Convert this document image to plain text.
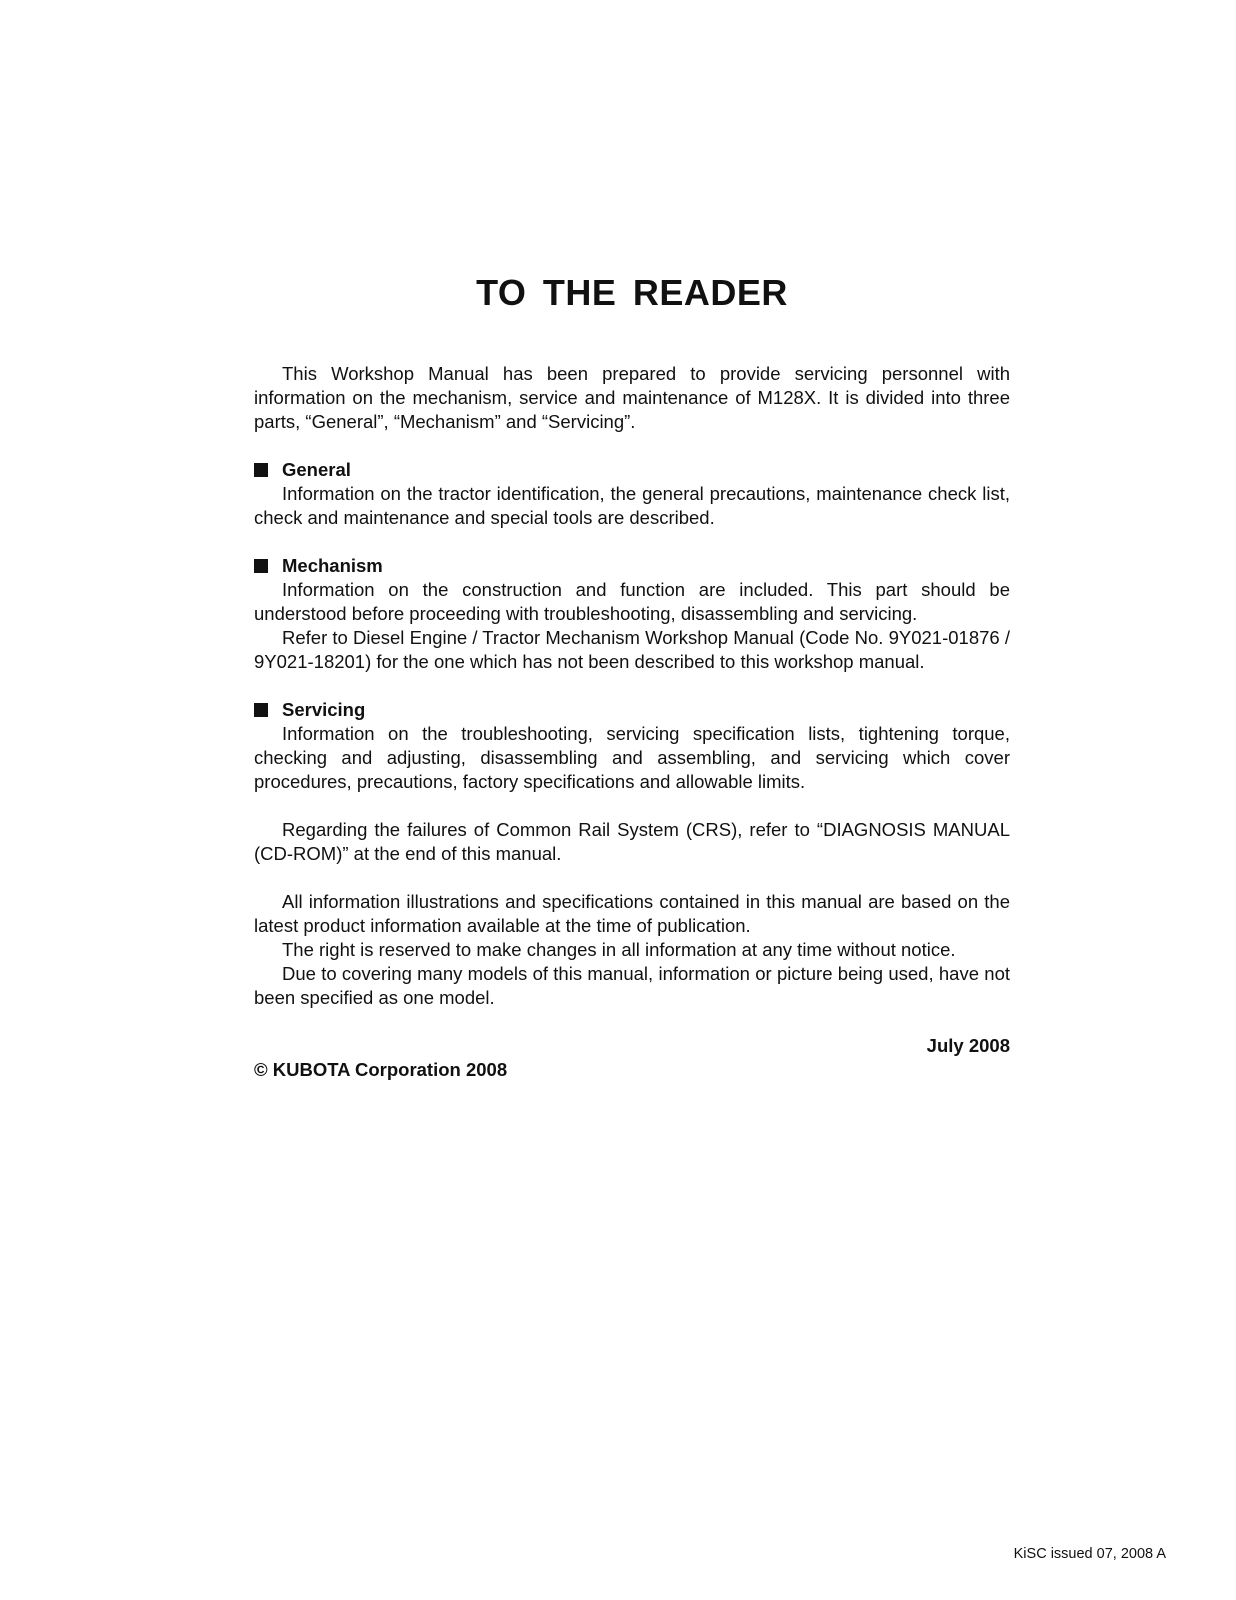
TO THE READER

This Workshop Manual has been prepared to provide servicing personnel with information on the mechanism, service and maintenance of M128X. It is divided into three parts, “General”, “Mechanism” and “Servicing”.

General

Information on the tractor identification, the general precautions, maintenance check list, check and maintenance and special tools are described.

Mechanism

Information on the construction and function are included. This part should be understood before proceeding with troubleshooting, disassembling and servicing.

Refer to Diesel Engine / Tractor Mechanism Workshop Manual (Code No. 9Y021-01876 / 9Y021-18201) for the one which has not been described to this workshop manual.

Servicing

Information on the troubleshooting, servicing specification lists, tightening torque, checking and adjusting, disassembling and assembling, and servicing which cover procedures, precautions, factory specifications and allowable limits.

Regarding the failures of Common Rail System (CRS), refer to “DIAGNOSIS MANUAL (CD-ROM)” at the end of this manual.

All information illustrations and specifications contained in this manual are based on the latest product information available at the time of publication.

The right is reserved to make changes in all information at any time without notice.

Due to covering many models of this manual, information or picture being used, have not been specified as one model.

July 2008
© KUBOTA Corporation 2008
KiSC issued 07, 2008 A
